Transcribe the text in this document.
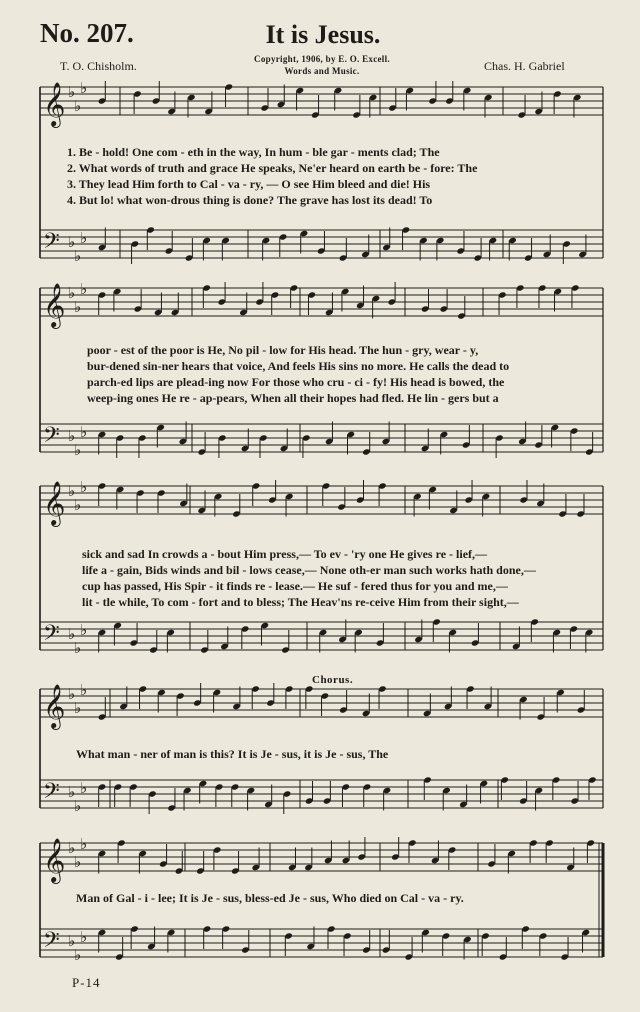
No. 207.	It is Jesus.
T. O. Chisholm.	Copyright, 1906, by E. O. Excell.
Words and Music.	Chas. H. Gabriel
Chorus.
P-14
1. Be - hold! One com - eth in the way, In hum - ble gar - ments clad; The
2. What words of truth and grace He speaks, Ne'er heard on earth be - fore: The
3. They lead Him forth to Cal - va - ry, — O see Him bleed and die! His
4. But lo! what won-drous thing is done? The grave has lost its dead! To
poor - est of the poor is He, No pil - low for His head. The hun - gry, wear - y,
bur-dened sin-ner hears that voice, And feels His sins no more. He calls the dead to
parch-ed lips are plead-ing now For those who cru - ci - fy! His head is bowed, the
weep-ing ones He re - ap-pears, When all their hopes had fled. He lin - gers but a
sick and sad In crowds a - bout Him press,— To ev - 'ry one He gives re - lief,—
life a - gain, Bids winds and bil - lows cease,— None oth-er man such works hath done,—
cup has passed, His Spir - it finds re - lease.— He suf - fered thus for you and me,—
lit - tle while, To com - fort and to bless; The Heav'ns re-ceive Him from their sight,—
What man - ner of man is this? It is Je - sus, it is Je - sus, The
Man of Gal - i - lee; It is Je - sus, bless-ed Je - sus, Who died on Cal - va - ry.
𝄞 ♭
♭
♭
𝄢 ♭
♭
♭
𝄞 ♭
♭
♭
𝄢 ♭
♭
♭
𝄞 ♭
♭
♭
𝄢 ♭
♭
♭
𝄞 ♭
♭
♭
𝄢 ♭
♭
♭
𝄞 ♭
♭
♭
𝄢 ♭
♭
♭
